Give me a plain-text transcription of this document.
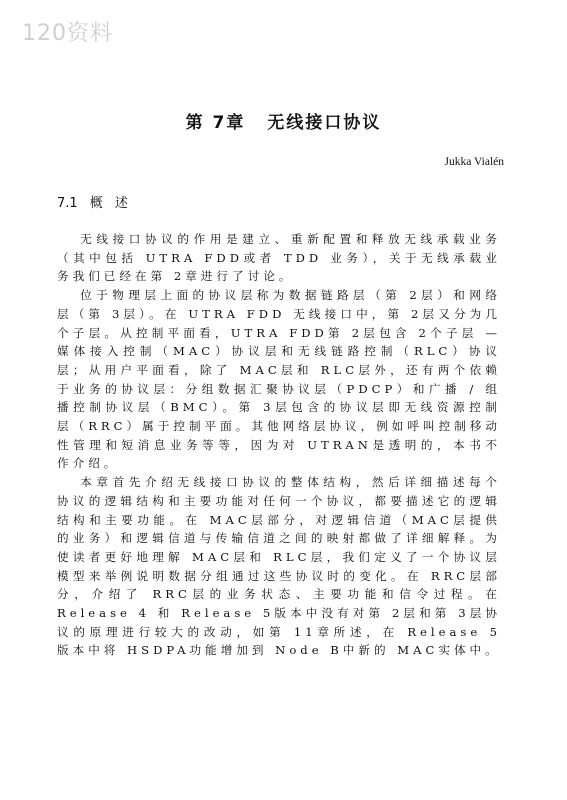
120资料
第 7章 无线接口协议
Jukka Vialén
7.1 概 述

无线接口协议的作用是建立、重新配置和释放无线承载业务（其中包括 UTRA FDD或者 TDD 业务），关于无线承载业务我们已经在第 2章进行了讨论。

位于物理层上面的协议层称为数据链路层（第 2层）和网络层（第 3层）。在 UTRA FDD 无线接口中，第 2层又分为几个子层。从控制平面看，UTRA FDD第 2层包含 2个子层 — 媒体接入控制（MAC）协议层和无线链路控制（RLC）协议层；从用户平面看，除了 MAC层和 RLC层外，还有两个依赖于业务的协议层：分组数据汇聚协议层（PDCP）和广播 / 组播控制协议层（BMC）。第 3层包含的协议层即无线资源控制层（RRC）属于控制平面。其他网络层协议，例如呼叫控制移动性管理和短消息业务等等，因为对 UTRAN是透明的，本书不作介绍。

本章首先介绍无线接口协议的整体结构，然后详细描述每个协议的逻辑结构和主要功能对任何一个协议，都要描述它的逻辑结构和主要功能。在 MAC层部分，对逻辑信道（MAC层提供的业务）和逻辑信道与传输信道之间的映射都做了详细解释。为使读者更好地理解 MAC层和 RLC层，我们定义了一个协议层模型来举例说明数据分组通过这些协议时的变化。在 RRC层部分，介绍了 RRC层的业务状态、主要功能和信令过程。在 Release 4 和 Release 5版本中没有对第 2层和第 3层协议的原理进行较大的改动，如第 11章所述，在 Release 5 版本中将 HSDPA功能增加到 Node B中新的 MAC实体中。
